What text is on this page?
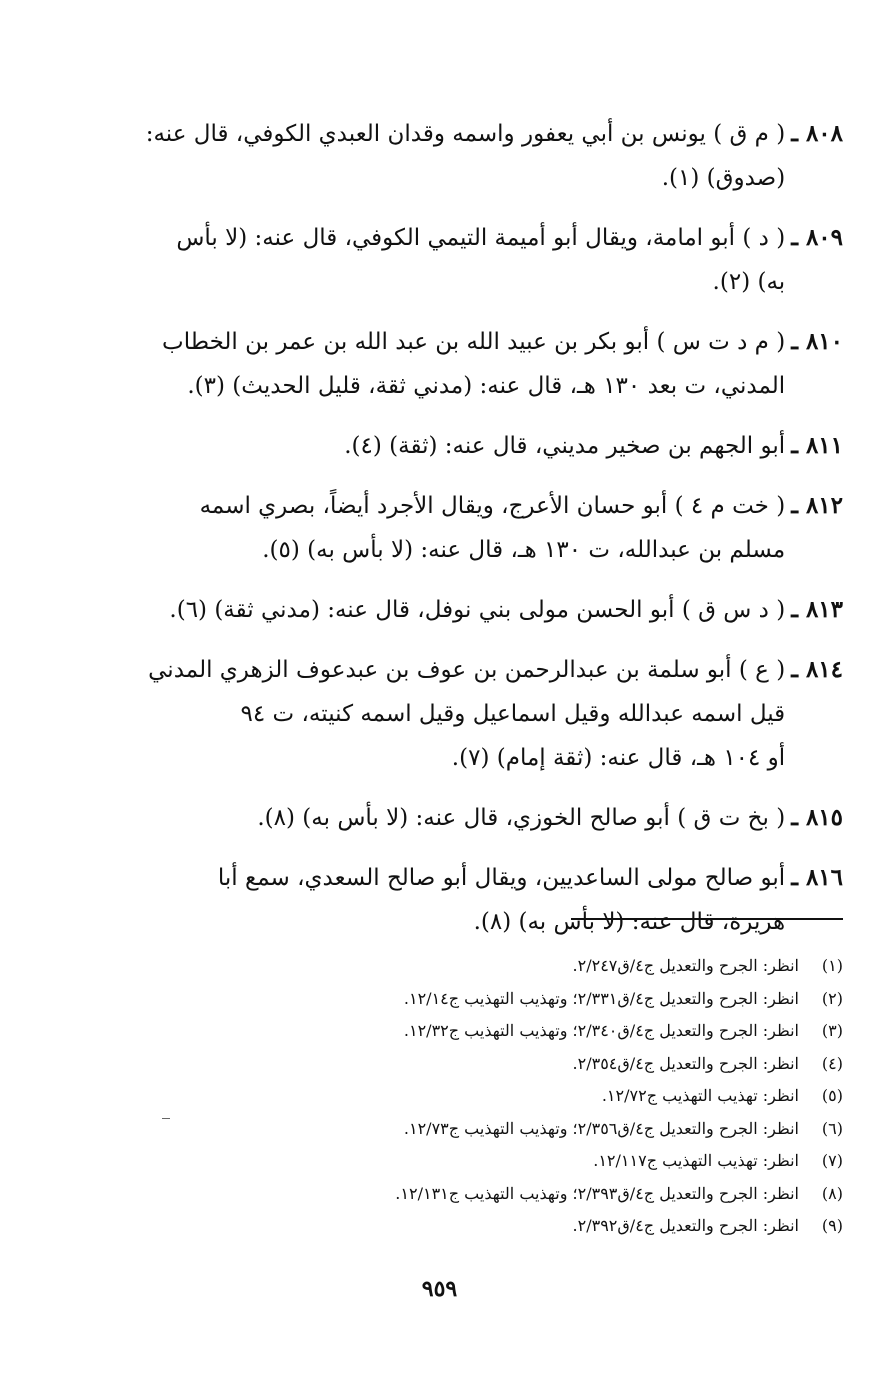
٨٠٨ ـ

( م ق ) يونس بن أبي يعفور واسمه وقدان العبدي الكوفي، قال عنه:

(صدوق) (١).

٨٠٩ ـ

( د ) أبو امامة، ويقال أبو أميمة التيمي الكوفي، قال عنه: (لا بأس

به) (٢).

٨١٠ ـ

( م د ت س ) أبو بكر بن عبيد الله بن عبد الله بن عمر بن الخطاب

المدني، ت بعد ١٣٠ هـ، قال عنه: (مدني ثقة، قليل الحديث) (٣).

٨١١ ـ

أبو الجهم بن صخير مديني، قال عنه: (ثقة) (٤).

٨١٢ ـ

( خت م ٤ ) أبو حسان الأعرج، ويقال الأجرد أيضاً، بصري اسمه

مسلم بن عبدالله، ت ١٣٠ هـ، قال عنه: (لا بأس به) (٥).

٨١٣ ـ

( د س ق ) أبو الحسن مولى بني نوفل، قال عنه: (مدني ثقة) (٦).

٨١٤ ـ

( ع ) أبو سلمة بن عبدالرحمن بن عوف بن عبدعوف الزهري المدني

قيل اسمه عبدالله وقيل اسماعيل وقيل اسمه كنيته، ت ٩٤

أو ١٠٤ هـ، قال عنه: (ثقة إمام) (٧).

٨١٥ ـ

( بخ ت ق ) أبو صالح الخوزي، قال عنه: (لا بأس به) (٨).

٨١٦ ـ

أبو صالح مولى الساعديين، ويقال أبو صالح السعدي، سمع أبا

هريرة، قال عنه: (لا بأس به) (٨).

(١)
انظر: الجرح والتعديل ج٤/ق٢/٢٤٧.
(٢)
انظر: الجرح والتعديل ج٤/ق٢/٣٣١؛ وتهذيب التهذيب ج١٢/١٤.
(٣)
انظر: الجرح والتعديل ج٤/ق٢/٣٤٠؛ وتهذيب التهذيب ج١٢/٣٢.
(٤)
انظر: الجرح والتعديل ج٤/ق٢/٣٥٤.
(٥)
انظر: تهذيب التهذيب ج١٢/٧٢.
(٦)
انظر: الجرح والتعديل ج٤/ق٢/٣٥٦؛ وتهذيب التهذيب ج١٢/٧٣.
(٧)
انظر: تهذيب التهذيب ج١٢/١١٧.
(٨)
انظر: الجرح والتعديل ج٤/ق٢/٣٩٣؛ وتهذيب التهذيب ج١٢/١٣١.
(٩)
انظر: الجرح والتعديل ج٤/ق٢/٣٩٢.
٩٥٩
